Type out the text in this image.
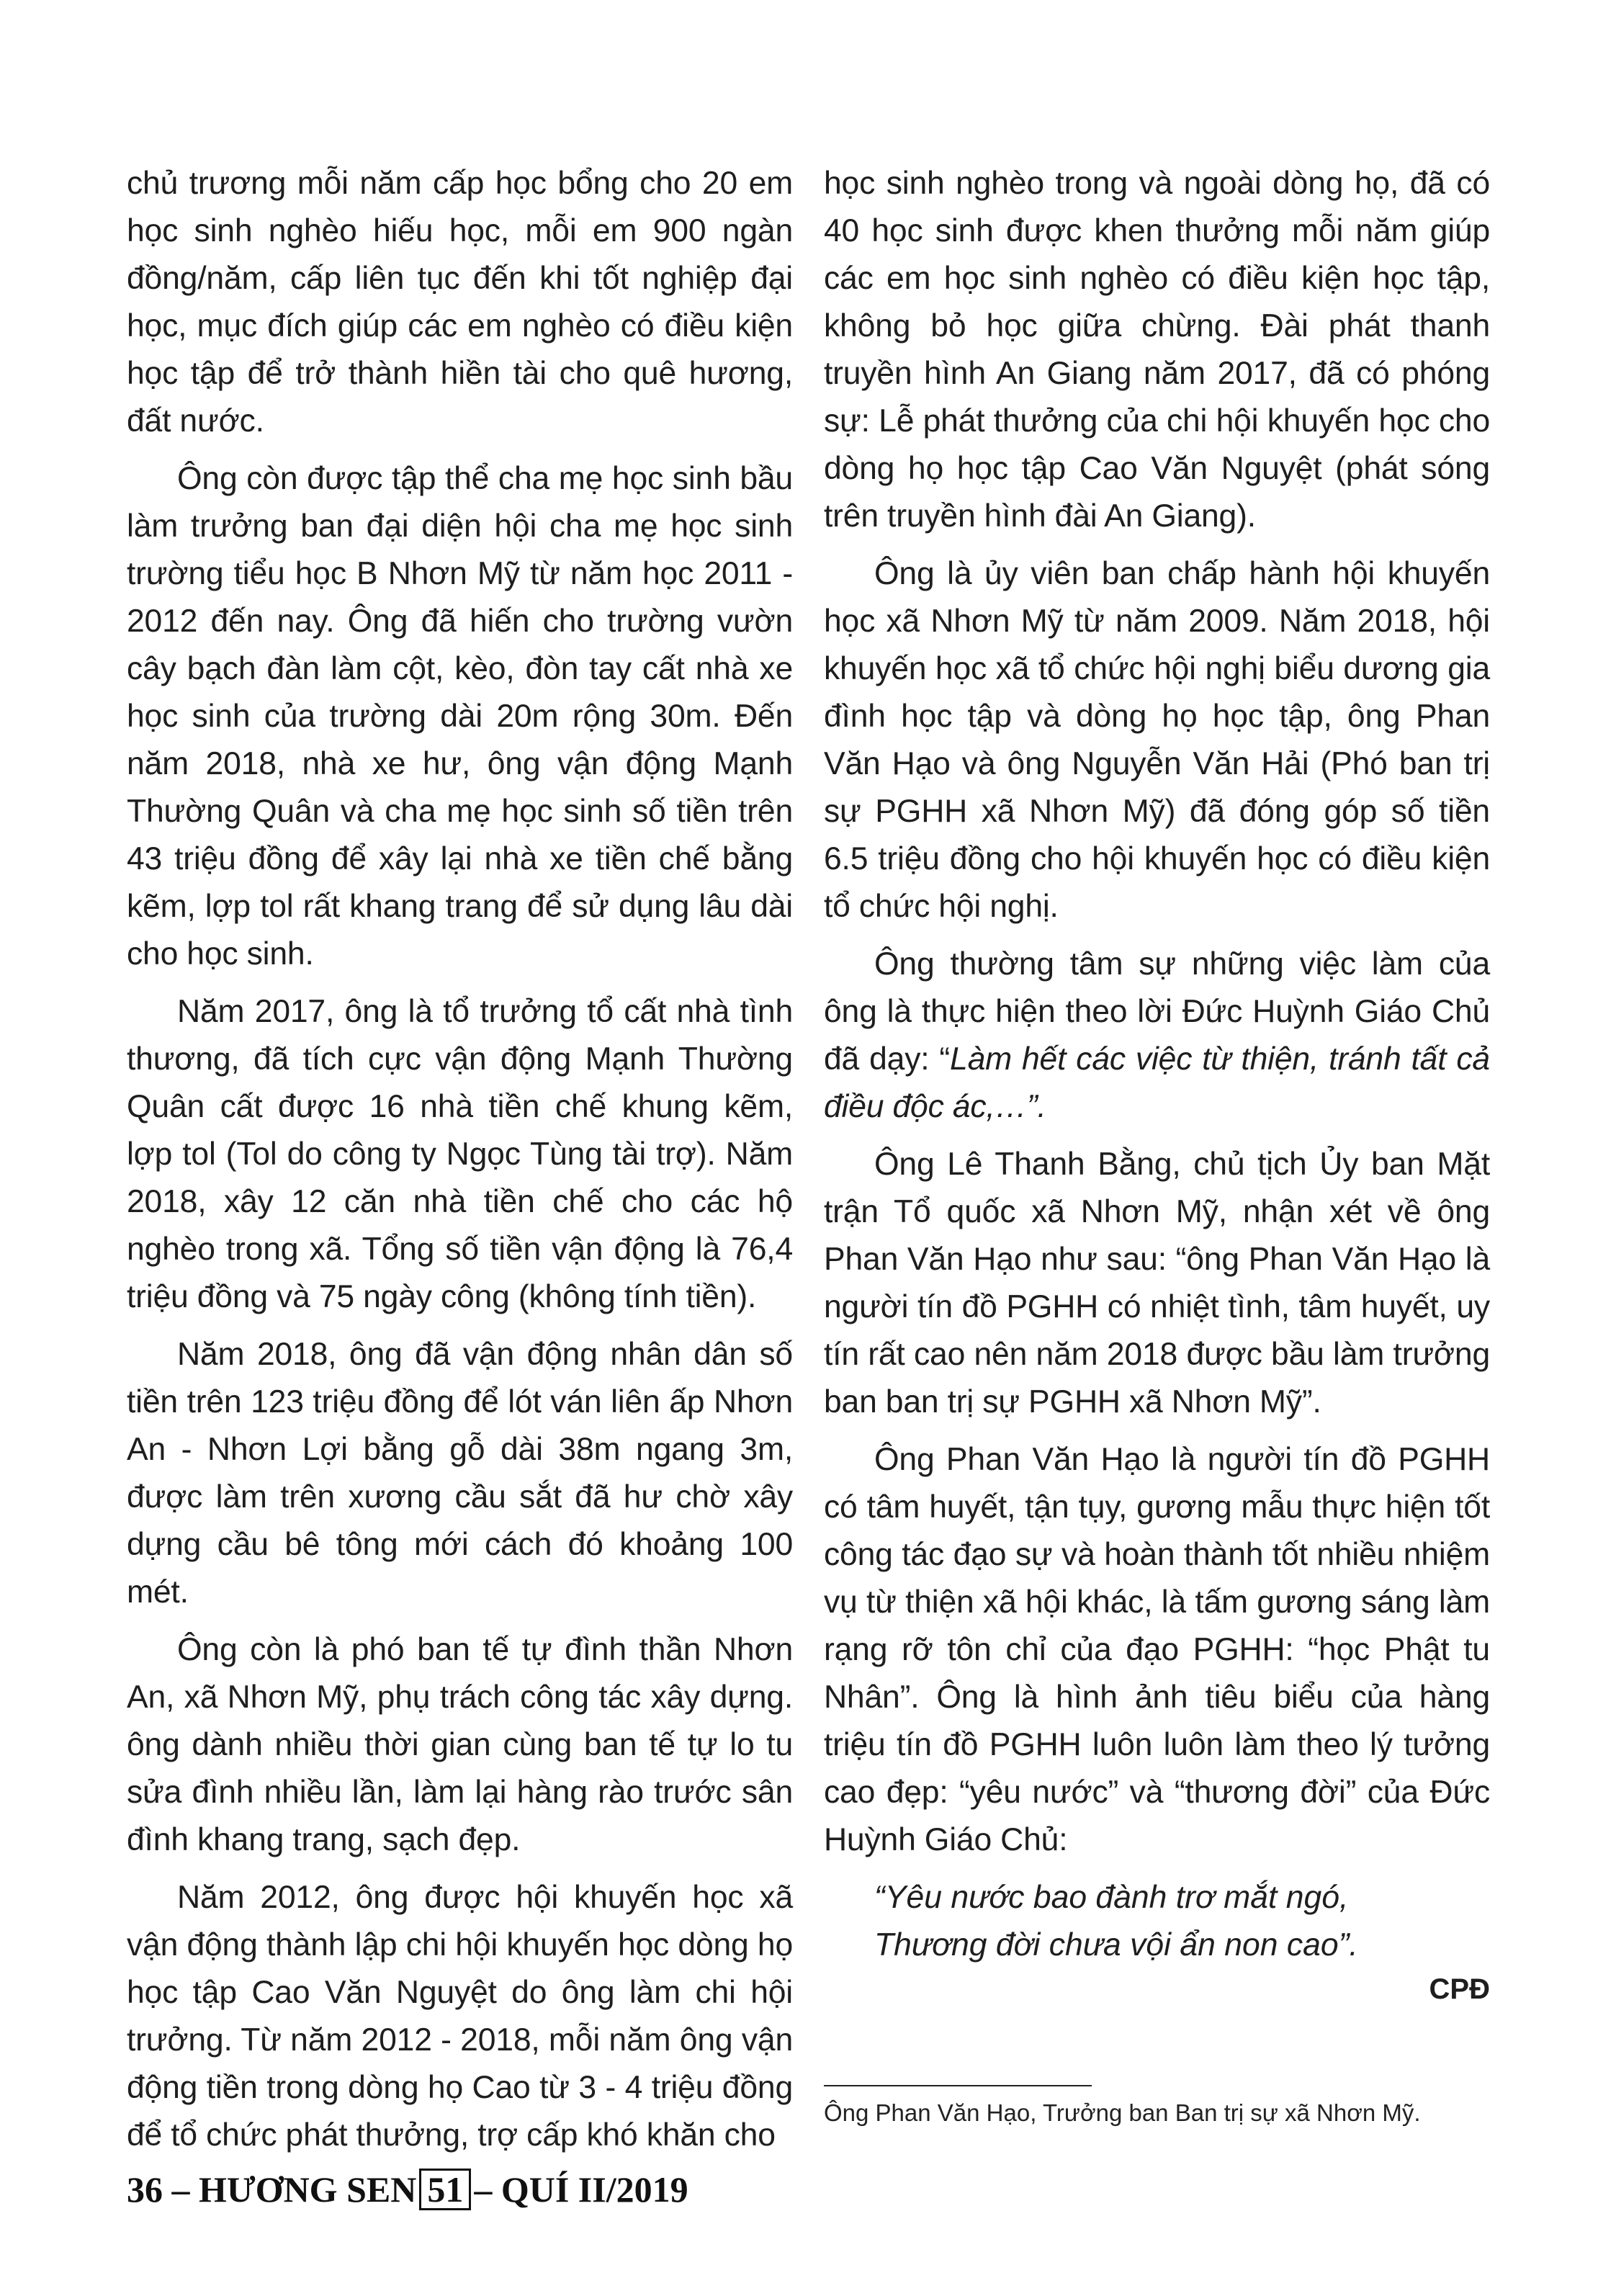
chủ trương mỗi năm cấp học bổng cho 20 em học sinh nghèo hiếu học, mỗi em 900 ngàn đồng/năm, cấp liên tục đến khi tốt nghiệp đại học, mục đích giúp các em nghèo có điều kiện học tập để trở thành hiền tài cho quê hương, đất nước.

Ông còn được tập thể cha mẹ học sinh bầu làm trưởng ban đại diện hội cha mẹ học sinh trường tiểu học B Nhơn Mỹ từ năm học 2011 - 2012 đến nay. Ông đã hiến cho trường vườn cây bạch đàn làm cột, kèo, đòn tay cất nhà xe học sinh của trường dài 20m rộng 30m. Đến năm 2018, nhà xe hư, ông vận động Mạnh Thường Quân và cha mẹ học sinh số tiền trên 43 triệu đồng để xây lại nhà xe tiền chế bằng kẽm, lợp tol rất khang trang để sử dụng lâu dài cho học sinh.

Năm 2017, ông là tổ trưởng tổ cất nhà tình thương, đã tích cực vận động Mạnh Thường Quân cất được 16 nhà tiền chế khung kẽm, lợp tol (Tol do công ty Ngọc Tùng tài trợ). Năm 2018, xây 12 căn nhà tiền chế cho các hộ nghèo trong xã. Tổng số tiền vận động là 76,4 triệu đồng và 75 ngày công (không tính tiền).

Năm 2018, ông đã vận động nhân dân số tiền trên 123 triệu đồng để lót ván liên ấp Nhơn An - Nhơn Lợi bằng gỗ dài 38m ngang 3m, được làm trên xương cầu sắt đã hư chờ xây dựng cầu bê tông mới cách đó khoảng 100 mét.

Ông còn là phó ban tế tự đình thần Nhơn An, xã Nhơn Mỹ, phụ trách công tác xây dựng. ông dành nhiều thời gian cùng ban tế tự lo tu sửa đình nhiều lần, làm lại hàng rào trước sân đình khang trang, sạch đẹp.

Năm 2012, ông được hội khuyến học xã vận động thành lập chi hội khuyến học dòng họ học tập Cao Văn Nguyệt do ông làm chi hội trưởng. Từ năm 2012 - 2018, mỗi năm ông vận động tiền trong dòng họ Cao từ 3 - 4 triệu đồng để tổ chức phát thưởng, trợ cấp khó khăn cho

học sinh nghèo trong và ngoài dòng họ, đã có 40 học sinh được khen thưởng mỗi năm giúp các em học sinh nghèo có điều kiện học tập, không bỏ học giữa chừng. Đài phát thanh truyền hình An Giang năm 2017, đã có phóng sự: Lễ phát thưởng của chi hội khuyến học cho dòng họ học tập Cao Văn Nguyệt (phát sóng trên truyền hình đài An Giang).

Ông là ủy viên ban chấp hành hội khuyến học xã Nhơn Mỹ từ năm 2009. Năm 2018, hội khuyến học xã tổ chức hội nghị biểu dương gia đình học tập và dòng họ học tập, ông Phan Văn Hạo và ông Nguyễn Văn Hải (Phó ban trị sự PGHH xã Nhơn Mỹ) đã đóng góp số tiền 6.5 triệu đồng cho hội khuyến học có điều kiện tổ chức hội nghị.

Ông thường tâm sự những việc làm của ông là thực hiện theo lời Đức Huỳnh Giáo Chủ đã dạy: “Làm hết các việc từ thiện, tránh tất cả điều độc ác,…”.

Ông Lê Thanh Bằng, chủ tịch Ủy ban Mặt trận Tổ quốc xã Nhơn Mỹ, nhận xét về ông Phan Văn Hạo như sau: “ông Phan Văn Hạo là người tín đồ PGHH có nhiệt tình, tâm huyết, uy tín rất cao nên năm 2018 được bầu làm trưởng ban ban trị sự PGHH xã Nhơn Mỹ”.

Ông Phan Văn Hạo là người tín đồ PGHH có tâm huyết, tận tụy, gương mẫu thực hiện tốt công tác đạo sự và hoàn thành tốt nhiều nhiệm vụ từ thiện xã hội khác, là tấm gương sáng làm rạng rỡ tôn chỉ của đạo PGHH: “học Phật tu Nhân”. Ông là hình ảnh tiêu biểu của hàng triệu tín đồ PGHH luôn luôn làm theo lý tưởng cao đẹp: “yêu nước” và “thương đời” của Đức Huỳnh Giáo Chủ:

“Yêu nước bao đành trơ mắt ngó,
Thương đời chưa vội ẩn non cao”.
CPĐ
Ông Phan Văn Hạo, Trưởng ban Ban trị sự xã Nhơn Mỹ.
36 – HƯƠNG SEN 51 – QUÍ II/2019
